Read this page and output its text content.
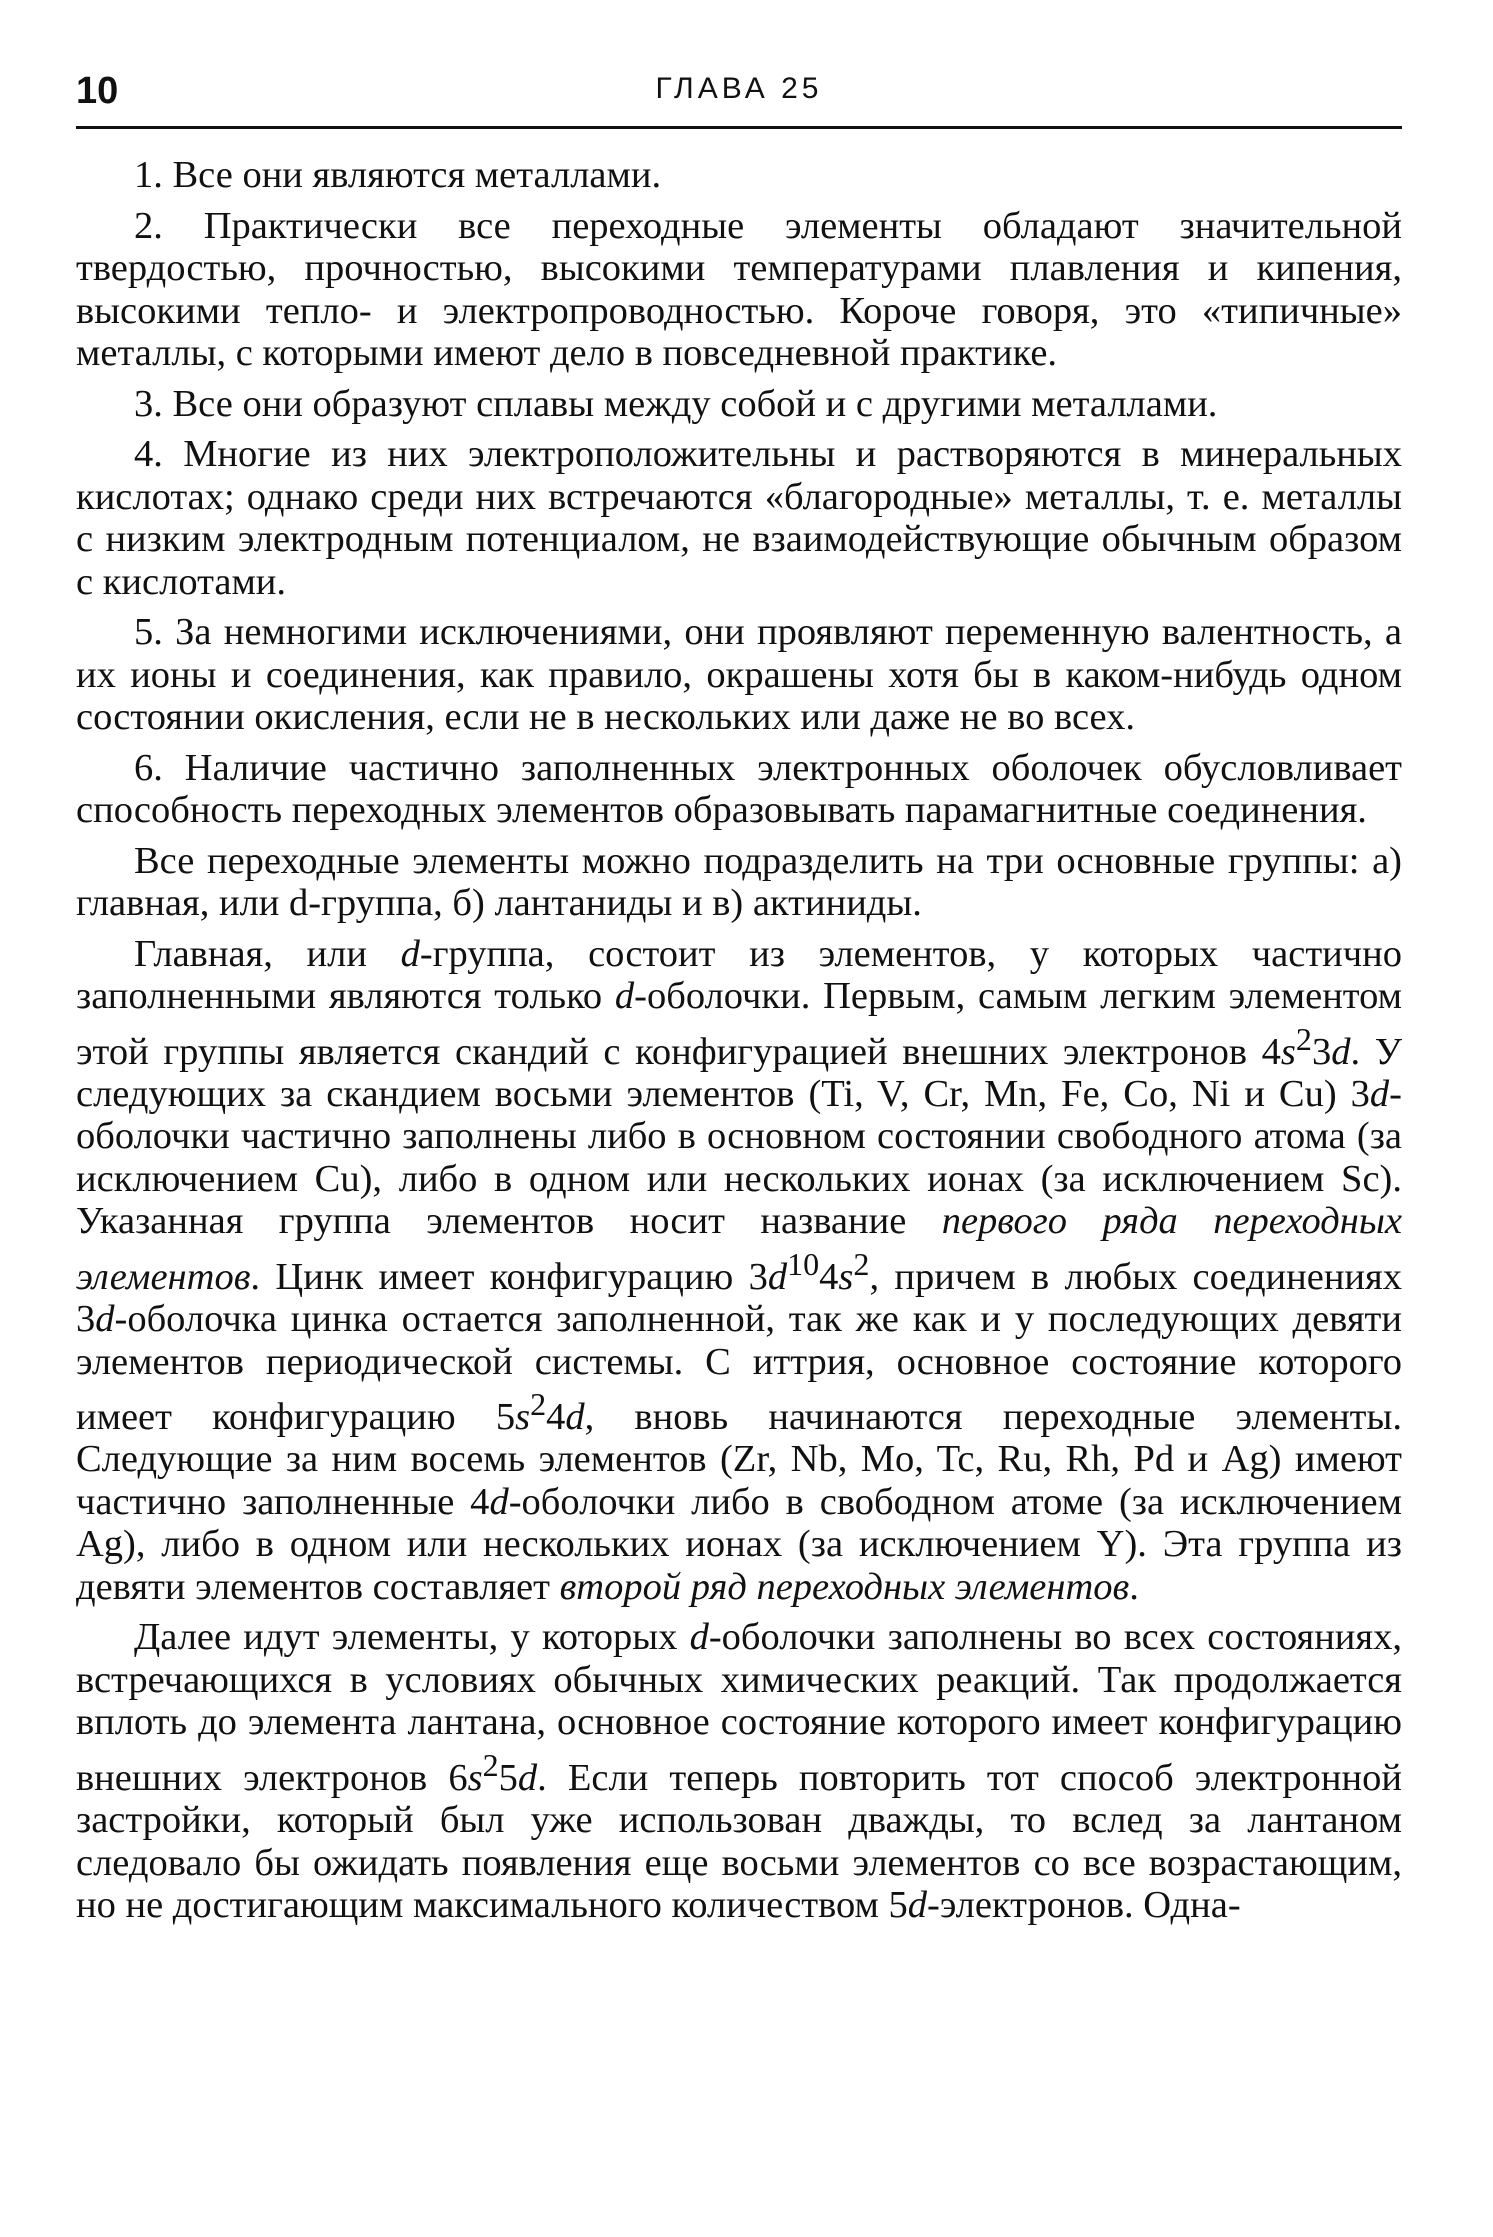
10	ГЛАВА 25

1. Все они являются металлами.

2. Практически все переходные элементы обладают значительной твердостью, прочностью, высокими температурами плавления и кипения, высокими тепло- и электропроводностью. Короче говоря, это «типичные» металлы, с которыми имеют дело в повседневной практике.

3. Все они образуют сплавы между собой и с другими металлами.

4. Многие из них электроположительны и растворяются в минеральных кислотах; однако среди них встречаются «благородные» металлы, т. е. металлы с низким электродным потенциалом, не взаимодействующие обычным образом с кислотами.

5. За немногими исключениями, они проявляют переменную валентность, а их ионы и соединения, как правило, окрашены хотя бы в каком-нибудь одном состоянии окисления, если не в нескольких или даже не во всех.

6. Наличие частично заполненных электронных оболочек обусловливает способность переходных элементов образовывать парамагнитные соединения.

Все переходные элементы можно подразделить на три основные группы: а) главная, или d-группа, б) лантаниды и в) актиниды.

Главная, или d-группа, состоит из элементов, у которых частично заполненными являются только d-оболочки. Первым, самым легким элементом этой группы является скандий с конфигурацией внешних электронов $4s^23d$. У следующих за скандием восьми элементов (Ti, V, Cr, Mn, Fe, Co, Ni и Cu) 3d-оболочки частично заполнены либо в основном состоянии свободного атома (за исключением Cu), либо в одном или нескольких ионах (за исключением Sc). Указанная группа элементов носит название первого ряда переходных элементов. Цинк имеет конфигурацию $3d^{10}4s^2$, причем в любых соединениях 3d-оболочка цинка остается заполненной, так же как и у последующих девяти элементов периодической системы. С иттрия, основное состояние которого имеет конфигурацию $5s^24d$, вновь начинаются переходные элементы. Следующие за ним восемь элементов (Zr, Nb, Mo, Tc, Ru, Rh, Pd и Ag) имеют частично заполненные 4d-оболочки либо в свободном атоме (за исключением Ag), либо в одном или нескольких ионах (за исключением Y). Эта группа из девяти элементов составляет второй ряд переходных элементов.

Далее идут элементы, у которых d-оболочки заполнены во всех состояниях, встречающихся в условиях обычных химических реакций. Так продолжается вплоть до элемента лантана, основное состояние которого имеет конфигурацию внешних электронов $6s^25d$. Если теперь повторить тот способ электронной застройки, который был уже использован дважды, то вслед за лантаном следовало бы ожидать появления еще восьми элементов со все возрастающим, но не достигающим максимального количеством 5d-электронов. Одна-
